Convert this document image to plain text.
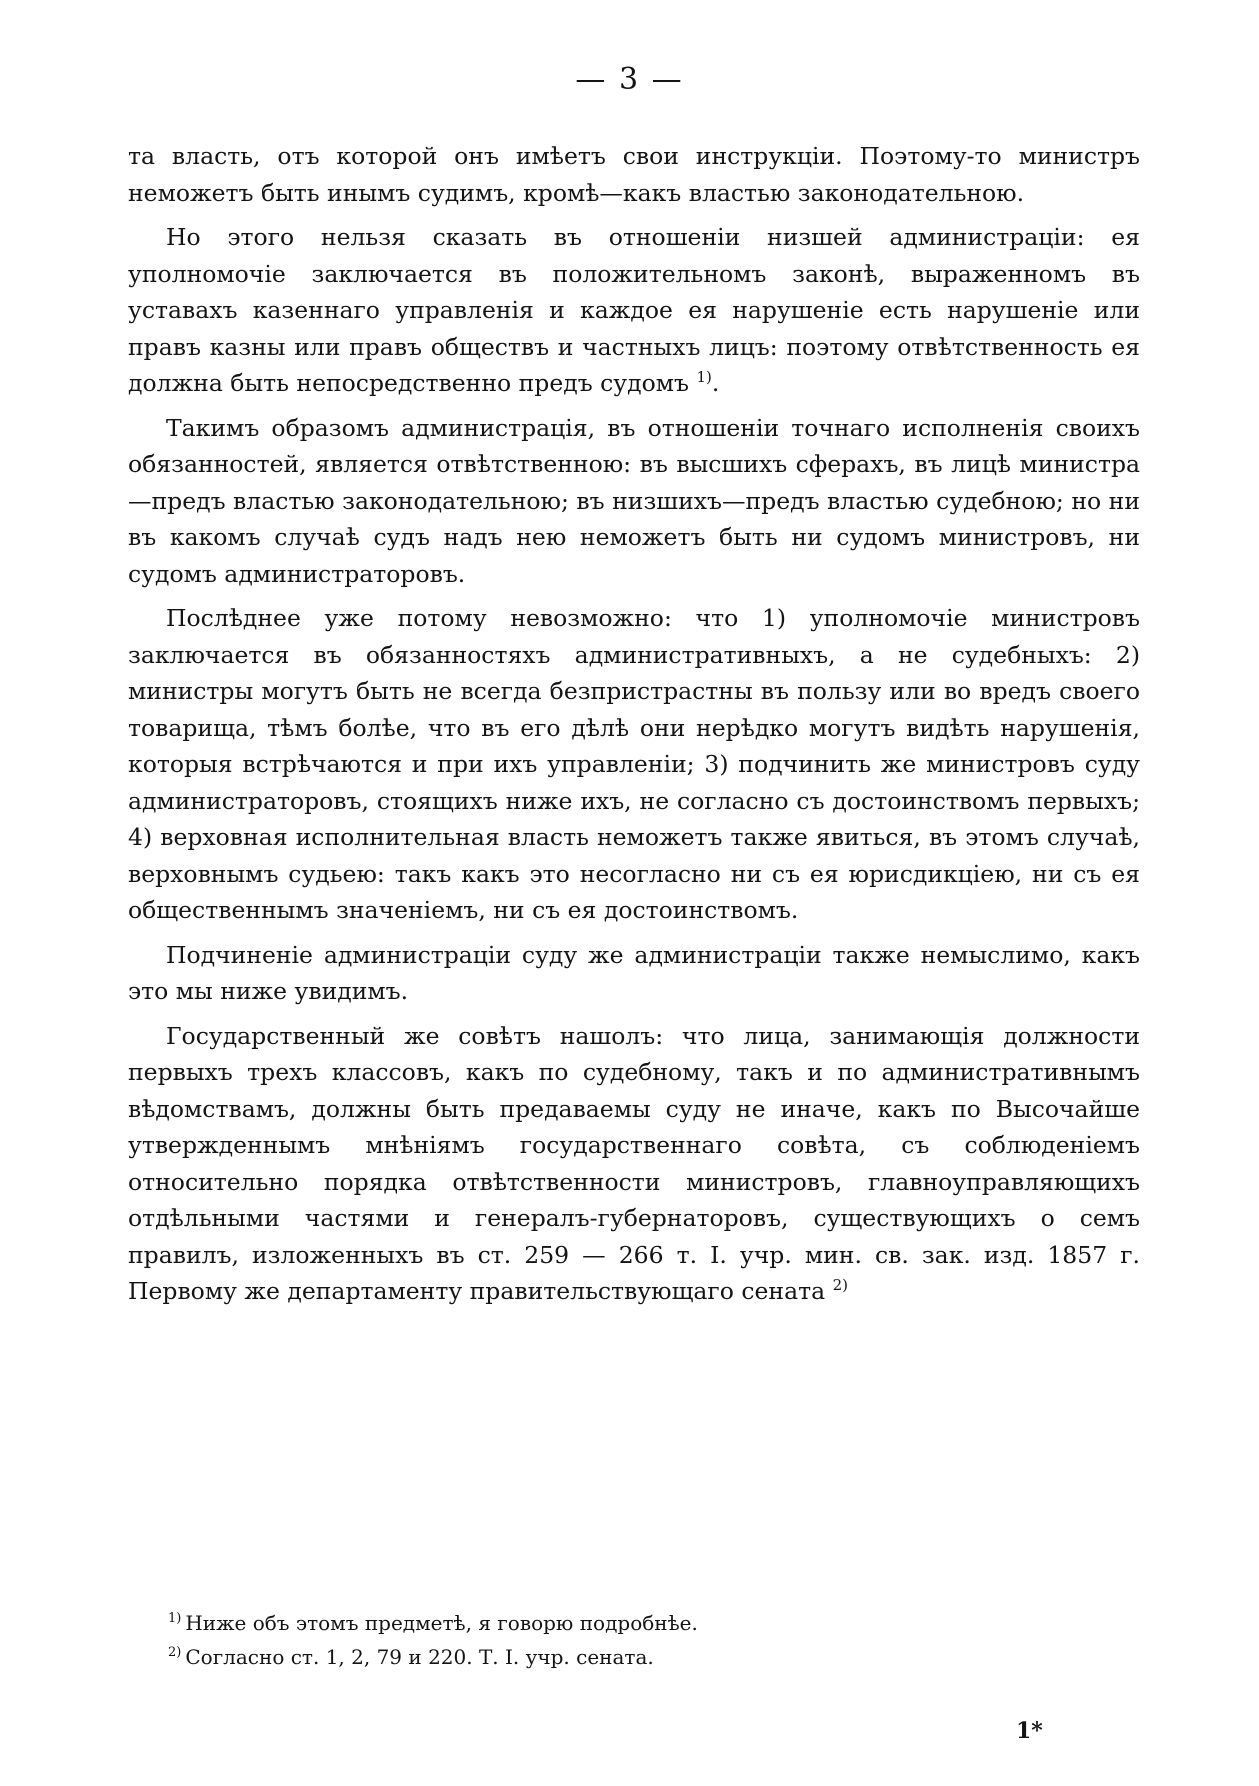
— 3 —

та власть, отъ которой онъ имѣетъ свои инструкціи. Поэтому-то министръ неможетъ быть инымъ судимъ, кромѣ—какъ властью законодательною.

Но этого нельзя сказать въ отношеніи низшей администраціи: ея уполномочіе заключается въ положительномъ законѣ, выраженномъ въ уставахъ казеннаго управленія и каждое ея нарушеніе есть нарушеніе или правъ казны или правъ обществъ и частныхъ лицъ: поэтому отвѣтственность ея должна быть непосредственно предъ судомъ $^{1)}$.

Такимъ образомъ администрація, въ отношеніи точнаго исполненія своихъ обязанностей, является отвѣтственною: въ высшихъ сферахъ, въ лицѣ министра—предъ властью законодательною; въ низшихъ—предъ властью судебною; но ни въ какомъ случаѣ судъ надъ нею неможетъ быть ни судомъ министровъ, ни судомъ администраторовъ.

Послѣднее уже потому невозможно: что 1) уполномочіе министровъ заключается въ обязанностяхъ административныхъ, а не судебныхъ: 2) министры могутъ быть не всегда безпристрастны въ пользу или во вредъ своего товарища, тѣмъ болѣе, что въ его дѣлѣ они нерѣдко могутъ видѣть нарушенія, которыя встрѣчаются и при ихъ управленіи; 3) подчинить же министровъ суду администраторовъ, стоящихъ ниже ихъ, не согласно съ достоинствомъ первыхъ; 4) верховная исполнительная власть неможетъ также явиться, въ этомъ случаѣ, верховнымъ судьею: такъ какъ это несогласно ни съ ея юрисдикціею, ни съ ея общественнымъ значеніемъ, ни съ ея достоинствомъ.

Подчиненіе администраціи суду же администраціи также немыслимо, какъ это мы ниже увидимъ.

Государственный же совѣтъ нашолъ: что лица, занимающія должности первыхъ трехъ классовъ, какъ по судебному, такъ и по административнымъ вѣдомствамъ, должны быть предаваемы суду не иначе, какъ по Высочайше утвержденнымъ мнѣніямъ государственнаго совѣта, съ соблюденіемъ относительно порядка отвѣтственности министровъ, главноуправляющихъ отдѣльными частями и генералъ-губернаторовъ, существующихъ о семъ правилъ, изложенныхъ въ ст. 259 — 266 т. I. учр. мин. св. зак. изд. 1857 г. Первому же департаменту правительствующаго сената $^{2)}$

$^{1)}$ Ниже объ этомъ предметѣ, я говорю подробнѣе.
$^{2)}$ Согласно ст. 1, 2, 79 и 220. Т. I. учр. сената.
1*
